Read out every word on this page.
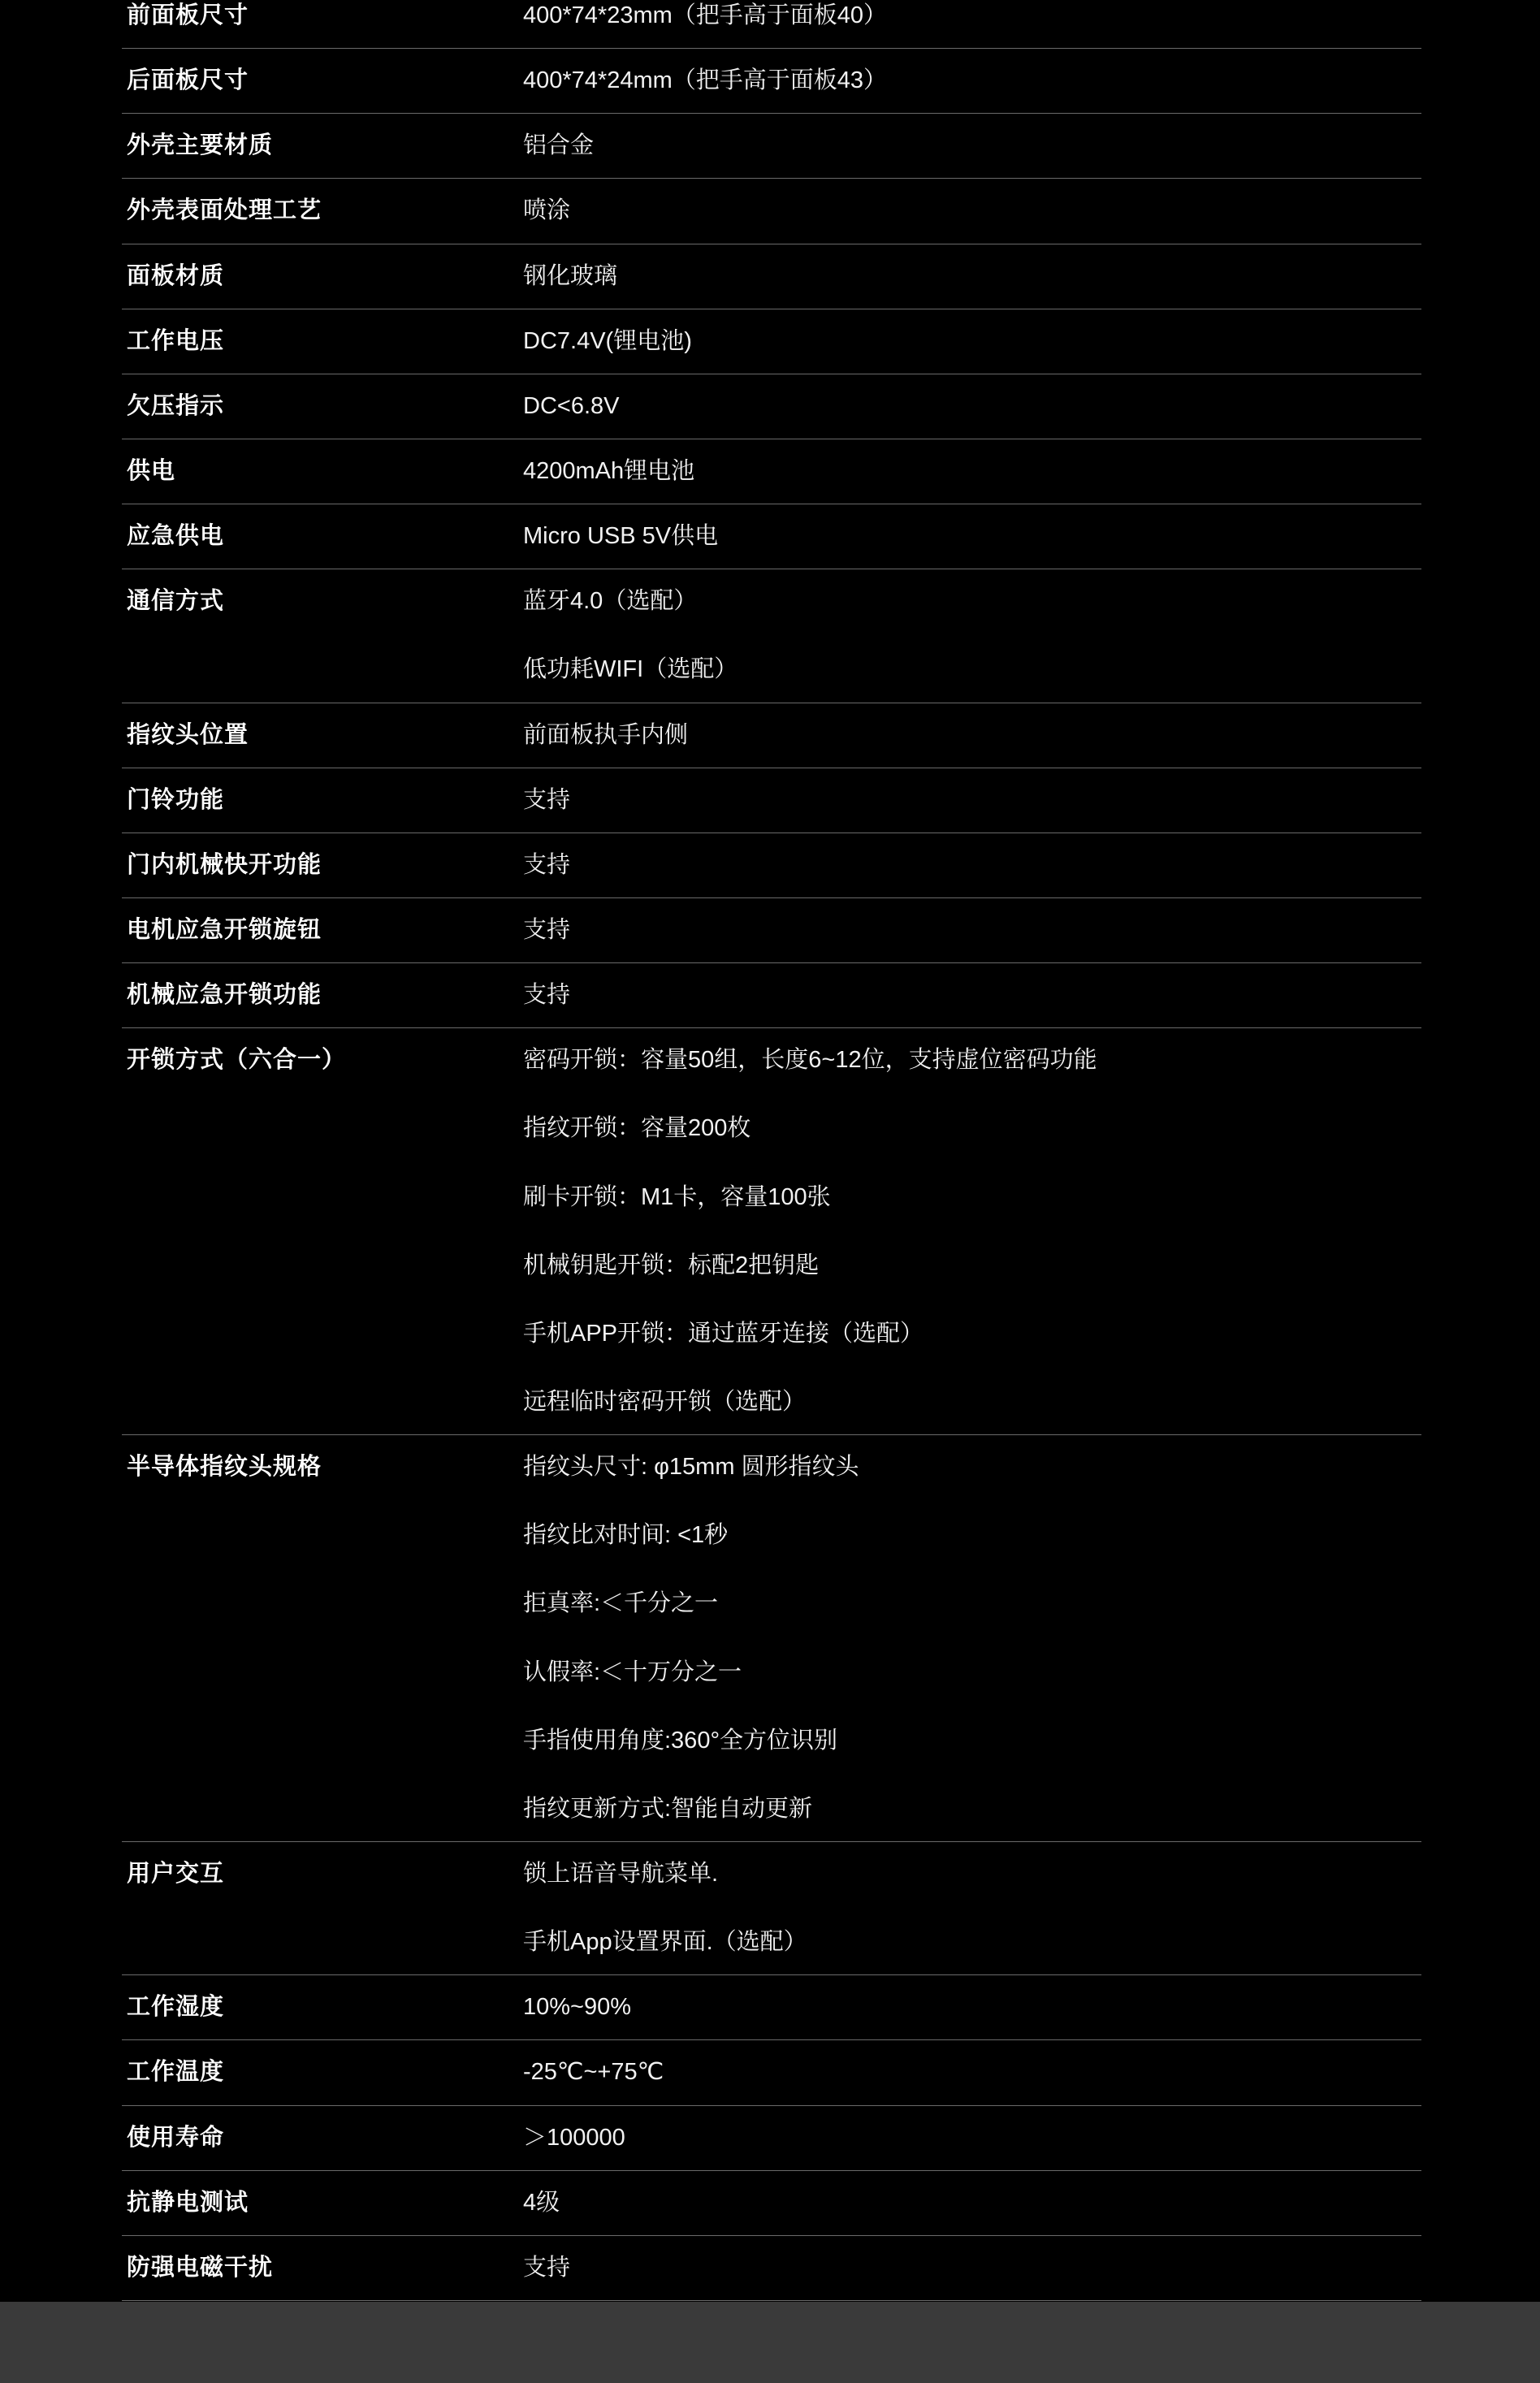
前面板尺寸	400*74*23mm（把手高于面板40）

后面板尺寸	400*74*24mm（把手高于面板43）

外壳主要材质	铝合金

外壳表面处理工艺	喷涂

面板材质	钢化玻璃

工作电压	DC7.4V(锂电池)

欠压指示	DC<6.8V

供电	4200mAh锂电池

应急供电	Micro USB 5V供电

通信方式	蓝牙4.0（选配）
低功耗WIFI（选配）

指纹头位置	前面板执手内侧

门铃功能	支持

门内机械快开功能	支持

电机应急开锁旋钮	支持

机械应急开锁功能	支持

开锁方式（六合一）	密码开锁：容量50组，长度6~12位，支持虚位密码功能
指纹开锁：容量200枚
刷卡开锁：M1卡，容量100张
机械钥匙开锁：标配2把钥匙
手机APP开锁：通过蓝牙连接（选配）
远程临时密码开锁（选配）

半导体指纹头规格	指纹头尺寸: φ15mm 圆形指纹头
指纹比对时间: <1秒
拒真率:＜千分之一
认假率:＜十万分之一
手指使用角度:360°全方位识别
指纹更新方式:智能自动更新

用户交互	锁上语音导航菜单.
手机App设置界面.（选配）

工作湿度	10%~90%

工作温度	-25℃~+75℃

使用寿命	＞100000

抗静电测试	4级

防强电磁干扰	支持
